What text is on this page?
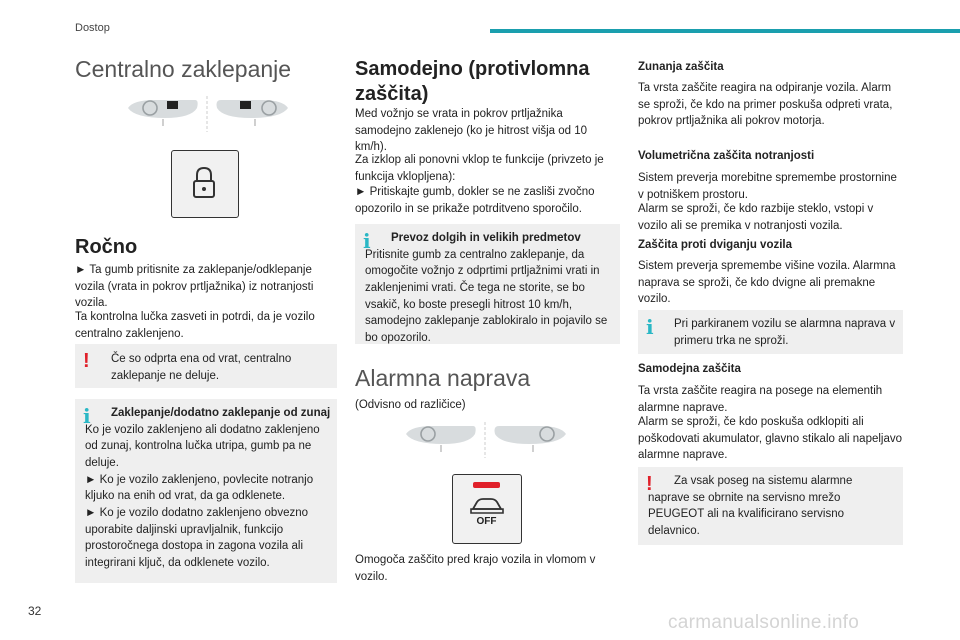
Dostop
Centralno zaklepanje
Ročno

► Ta gumb pritisnite za zaklepanje/odklepanje vozila (vrata in pokrov prtljažnika) iz notranjosti vozila.

Ta kontrolna lučka zasveti in potrdi, da je vozilo centralno zaklenjeno.

!	Če so odprta ena od vrat, centralno zaklepanje ne deluje.
i	Zaklepanje/dodatno zaklepanje od zunaj
Ko je vozilo zaklenjeno ali dodatno zaklenjeno od zunaj, kontrolna lučka utripa, gumb pa ne deluje.
► Ko je vozilo zaklenjeno, povlecite notranjo kljuko na enih od vrat, da ga odklenete.
► Ko je vozilo dodatno zaklenjeno obvezno uporabite daljinski upravljalnik, funkcijo prostoročnega dostopa in zagona vozila ali integrirani ključ, da odklenete vozilo.
Samodejno (protivlomna zaščita)

Med vožnjo se vrata in pokrov prtljažnika samodejno zaklenejo (ko je hitrost višja od 10 km/h).

Za izklop ali ponovni vklop te funkcije (privzeto je funkcija vklopljena):

► Pritiskajte gumb, dokler se ne zasliši zvočno opozorilo in se prikaže potrditveno sporočilo.

i	Prevoz dolgih in velikih predmetov
Pritisnite gumb za centralno zaklepanje, da omogočite vožnjo z odprtimi prtljažnimi vrati in zaklenjenimi vrati. Če tega ne storite, se bo vsakič, ko boste presegli hitrost 10 km/h, samodejno zaklepanje zablokiralo in pojavilo se bo opozorilo.
Alarmna naprava

(Odvisno od različice)

OFF

Omogoča zaščito pred krajo vozila in vlomom v vozilo.

Zunanja zaščita

Ta vrsta zaščite reagira na odpiranje vozila. Alarm se sproži, če kdo na primer poskuša odpreti vrata, pokrov prtljažnika ali pokrov motorja.

Volumetrična zaščita notranjosti

Sistem preverja morebitne spremembe prostornine v potniškem prostoru.

Alarm se sproži, če kdo razbije steklo, vstopi v vozilo ali se premika v notranjosti vozila.

Zaščita proti dviganju vozila

Sistem preverja spremembe višine vozila. Alarmna naprava se sproži, če kdo dvigne ali premakne vozilo.

i	Pri parkiranem vozilu se alarmna naprava v primeru trka ne sproži.
Samodejna zaščita

Ta vrsta zaščite reagira na posege na elementih alarmne naprave.

Alarm se sproži, če kdo poskuša odklopiti ali poškodovati akumulator, glavno stikalo ali napeljavo alarmne naprave.

!	Za vsak poseg na sistemu alarmne naprave se obrnite na servisno mrežo PEUGEOT ali na kvalificirano servisno delavnico.
32
carmanualsonline.info
